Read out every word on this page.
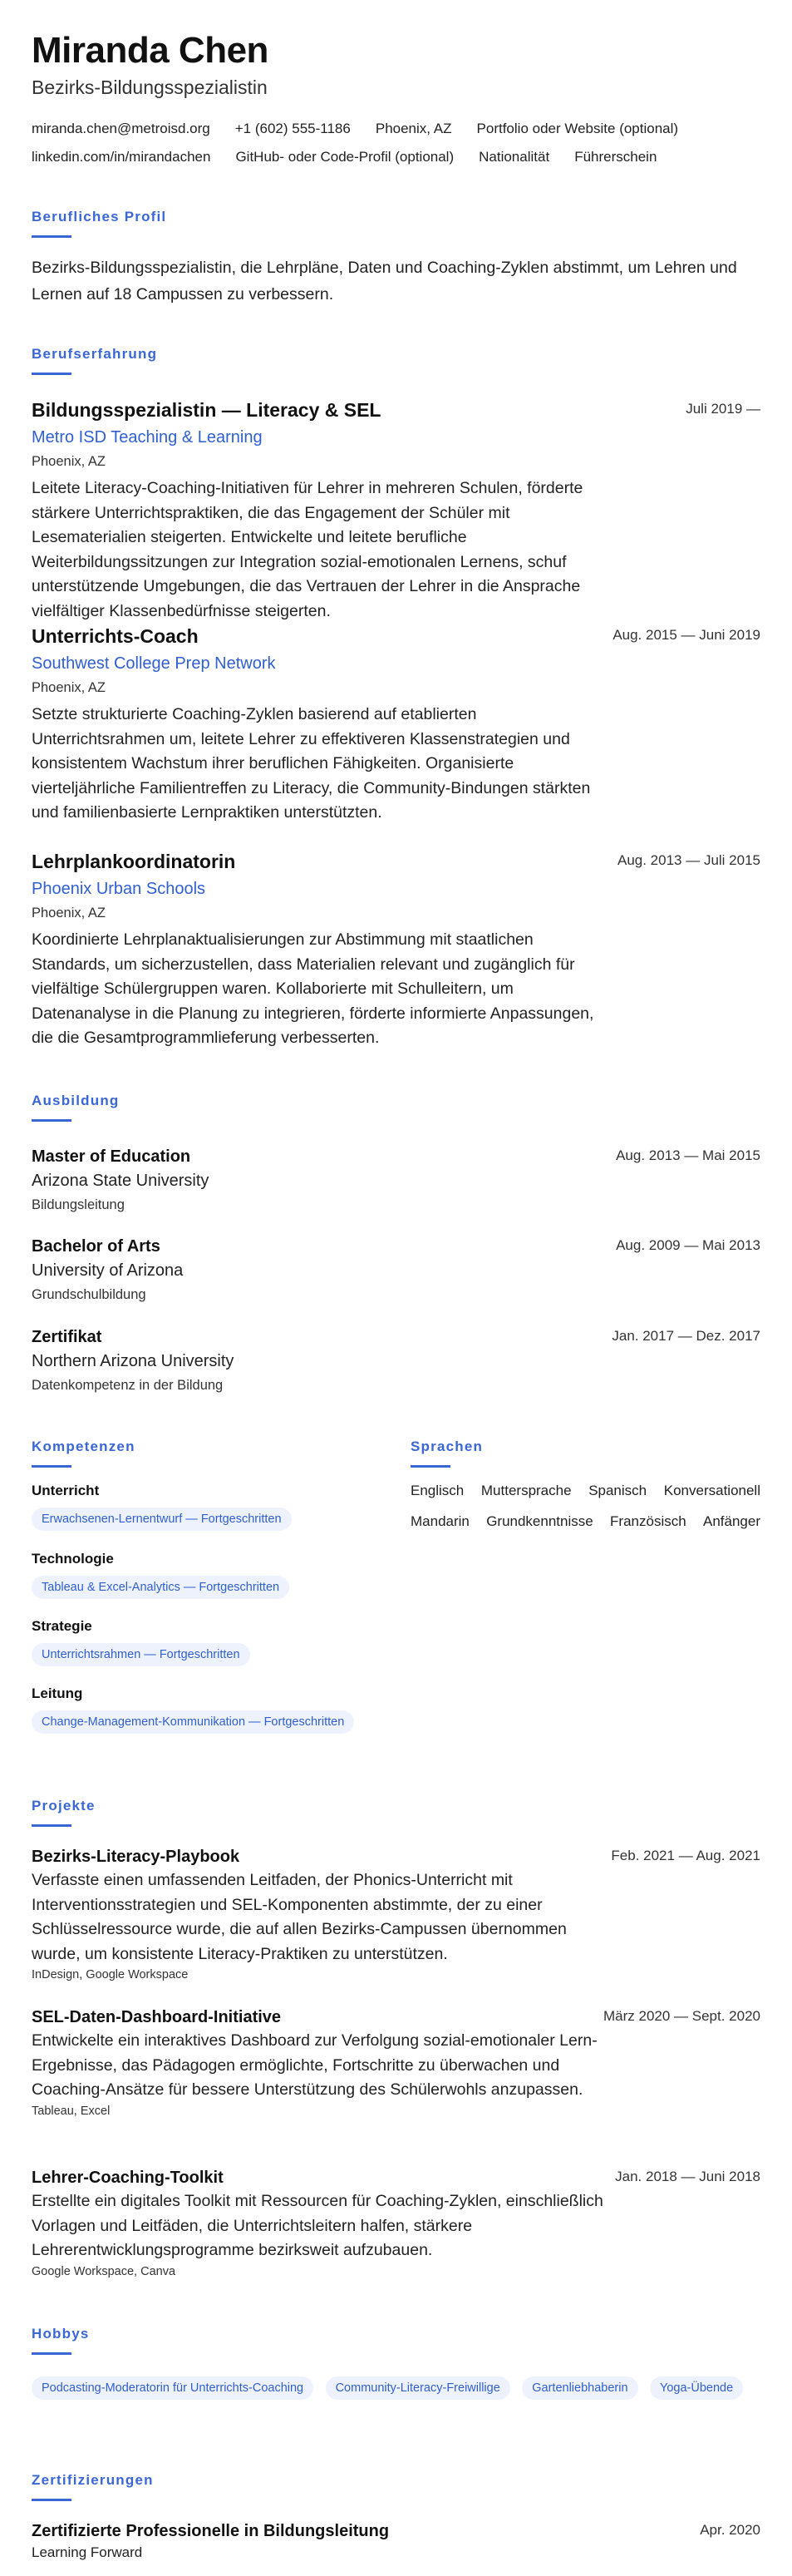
Miranda Chen
Bezirks-Bildungsspezialistin
miranda.chen@metroisd.org +1 (602) 555-1186 Phoenix, AZ Portfolio oder Website (optional)
linkedin.com/in/mirandachen GitHub- oder Code-Profil (optional) Nationalität Führerschein
Berufliches Profil
Bezirks-Bildungsspezialistin, die Lehrpläne, Daten und Coaching-Zyklen abstimmt, um Lehren und Lernen auf 18 Campussen zu verbessern.
Berufserfahrung
Bildungsspezialistin — Literacy & SEL	Juli 2019 —
Metro ISD Teaching & Learning
Phoenix, AZ
Leitete Literacy-Coaching-Initiativen für Lehrer in mehreren Schulen, förderte stärkere Unterrichtspraktiken, die das Engagement der Schüler mit Lesematerialien steigerten. Entwickelte und leitete berufliche Weiterbildungssitzungen zur Integration sozial-emotionalen Lernens, schuf unterstützende Umgebungen, die das Vertrauen der Lehrer in die Ansprache vielfältiger Klassenbedürfnisse steigerten.
Unterrichts-Coach	Aug. 2015 — Juni 2019
Southwest College Prep Network
Phoenix, AZ
Setzte strukturierte Coaching-Zyklen basierend auf etablierten Unterrichtsrahmen um, leitete Lehrer zu effektiveren Klassenstrategien und konsistentem Wachstum ihrer beruflichen Fähigkeiten. Organisierte vierteljährliche Familientreffen zu Literacy, die Community-Bindungen stärkten und familienbasierte Lernpraktiken unterstützten.
Lehrplankoordinatorin	Aug. 2013 — Juli 2015
Phoenix Urban Schools
Phoenix, AZ
Koordinierte Lehrplanaktualisierungen zur Abstimmung mit staatlichen Standards, um sicherzustellen, dass Materialien relevant und zugänglich für vielfältige Schülergruppen waren. Kollaborierte mit Schulleitern, um Datenanalyse in die Planung zu integrieren, förderte informierte Anpassungen, die die Gesamtprogrammlieferung verbesserten.
Ausbildung
Master of Education	Aug. 2013 — Mai 2015
Arizona State University
Bildungsleitung
Bachelor of Arts	Aug. 2009 — Mai 2013
University of Arizona
Grundschulbildung
Zertifikat	Jan. 2017 — Dez. 2017
Northern Arizona University
Datenkompetenz in der Bildung
Kompetenzen
Unterricht
Erwachsenen-Lernentwurf — Fortgeschritten
Technologie
Tableau & Excel-Analytics — Fortgeschritten
Strategie
Unterrichtsrahmen — Fortgeschritten
Leitung
Change-Management-Kommunikation — Fortgeschritten
Sprachen
Englisch Muttersprache Spanisch Konversationell
Mandarin Grundkenntnisse Französisch Anfänger
Projekte
Bezirks-Literacy-Playbook	Feb. 2021 — Aug. 2021
Verfasste einen umfassenden Leitfaden, der Phonics-Unterricht mit Interventionsstrategien und SEL-Komponenten abstimmte, der zu einer Schlüsselressource wurde, die auf allen Bezirks-Campussen übernommen wurde, um konsistente Literacy-Praktiken zu unterstützen.
InDesign, Google Workspace
SEL-Daten-Dashboard-Initiative	März 2020 — Sept. 2020
Entwickelte ein interaktives Dashboard zur Verfolgung sozial-emotionaler Lern-Ergebnisse, das Pädagogen ermöglichte, Fortschritte zu überwachen und Coaching-Ansätze für bessere Unterstützung des Schülerwohls anzupassen.
Tableau, Excel
Lehrer-Coaching-Toolkit	Jan. 2018 — Juni 2018
Erstellte ein digitales Toolkit mit Ressourcen für Coaching-Zyklen, einschließlich Vorlagen und Leitfäden, die Unterrichtsleitern halfen, stärkere Lehrerentwicklungsprogramme bezirksweit aufzubauen.
Google Workspace, Canva
Hobbys
Podcasting-Moderatorin für Unterrichts-Coaching	Community-Literacy-Freiwillige	Gartenliebhaberin	Yoga-Übende
Zertifizierungen
Zertifizierte Professionelle in Bildungsleitung	Apr. 2020
Learning Forward
